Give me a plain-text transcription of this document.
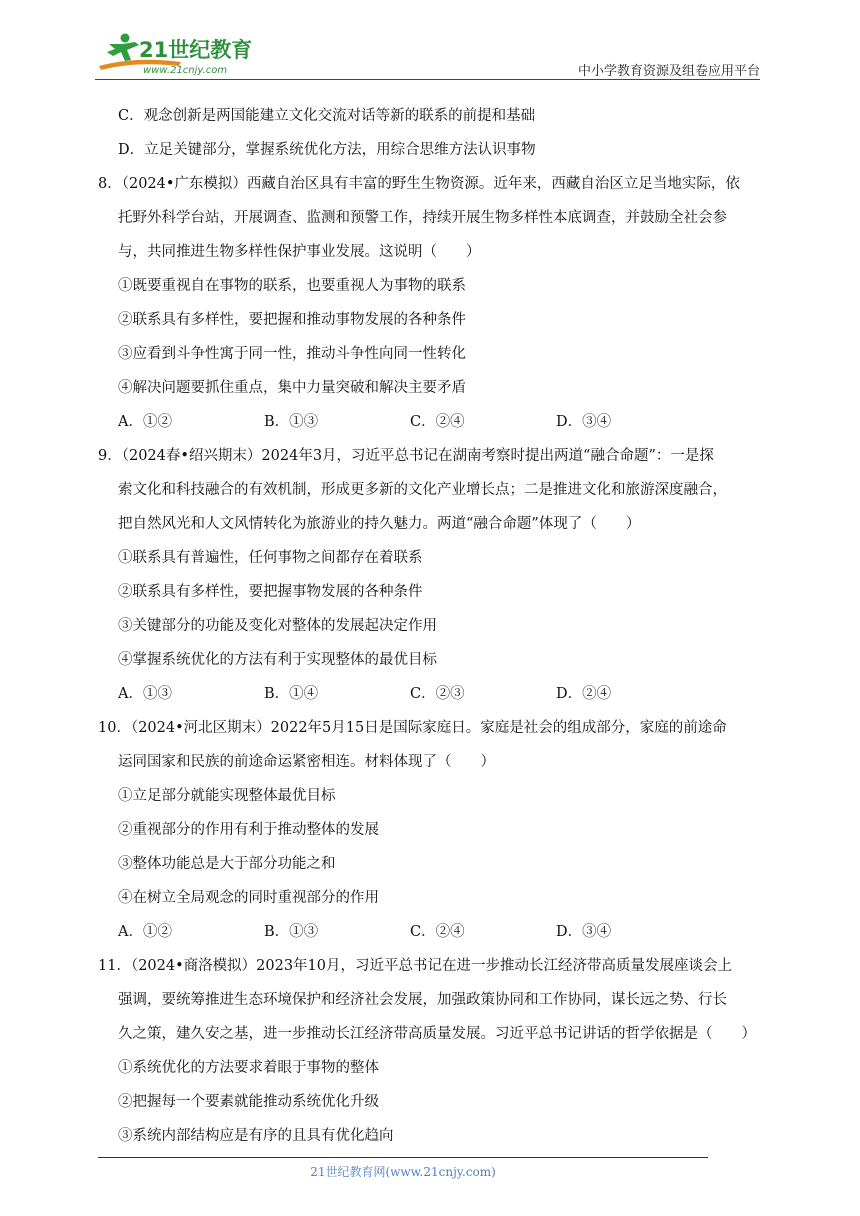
21世纪教育
www.21cnjy.com	中小学教育资源及组卷应用平台
C．观念创新是两国能建立文化交流对话等新的联系的前提和基础
D．立足关键部分，掌握系统优化方法，用综合思维方法认识事物
8．（2024•广东模拟）西藏自治区具有丰富的野生生物资源。近年来，西藏自治区立足当地实际，依
托野外科学台站，开展调查、监测和预警工作，持续开展生物多样性本底调查，并鼓励全社会参
与，共同推进生物多样性保护事业发展。这说明（　　）
①既要重视自在事物的联系，也要重视人为事物的联系
②联系具有多样性，要把握和推动事物发展的各种条件
③应看到斗争性寓于同一性，推动斗争性向同一性转化
④解决问题要抓住重点，集中力量突破和解决主要矛盾
A．①②	B．①③	C．②④	D．③④
9．（2024春•绍兴期末）2024年3月，习近平总书记在湖南考察时提出两道“融合命题”：一是探
索文化和科技融合的有效机制，形成更多新的文化产业增长点；二是推进文化和旅游深度融合，
把自然风光和人文风情转化为旅游业的持久魅力。两道“融合命题”体现了（　　）
①联系具有普遍性，任何事物之间都存在着联系
②联系具有多样性，要把握事物发展的各种条件
③关键部分的功能及变化对整体的发展起决定作用
④掌握系统优化的方法有利于实现整体的最优目标
A．①③	B．①④	C．②③	D．②④
10．（2024•河北区期末）2022年5月15日是国际家庭日。家庭是社会的组成部分，家庭的前途命
运同国家和民族的前途命运紧密相连。材料体现了（　　）
①立足部分就能实现整体最优目标
②重视部分的作用有利于推动整体的发展
③整体功能总是大于部分功能之和
④在树立全局观念的同时重视部分的作用
A．①②	B．①③	C．②④	D．③④
11．（2024•商洛模拟）2023年10月，习近平总书记在进一步推动长江经济带高质量发展座谈会上
强调，要统筹推进生态环境保护和经济社会发展，加强政策协同和工作协同，谋长远之势、行长
久之策，建久安之基，进一步推动长江经济带高质量发展。习近平总书记讲话的哲学依据是（　　）
①系统优化的方法要求着眼于事物的整体
②把握每一个要素就能推动系统优化升级
③系统内部结构应是有序的且具有优化趋向
21世纪教育网(www.21cnjy.com)
